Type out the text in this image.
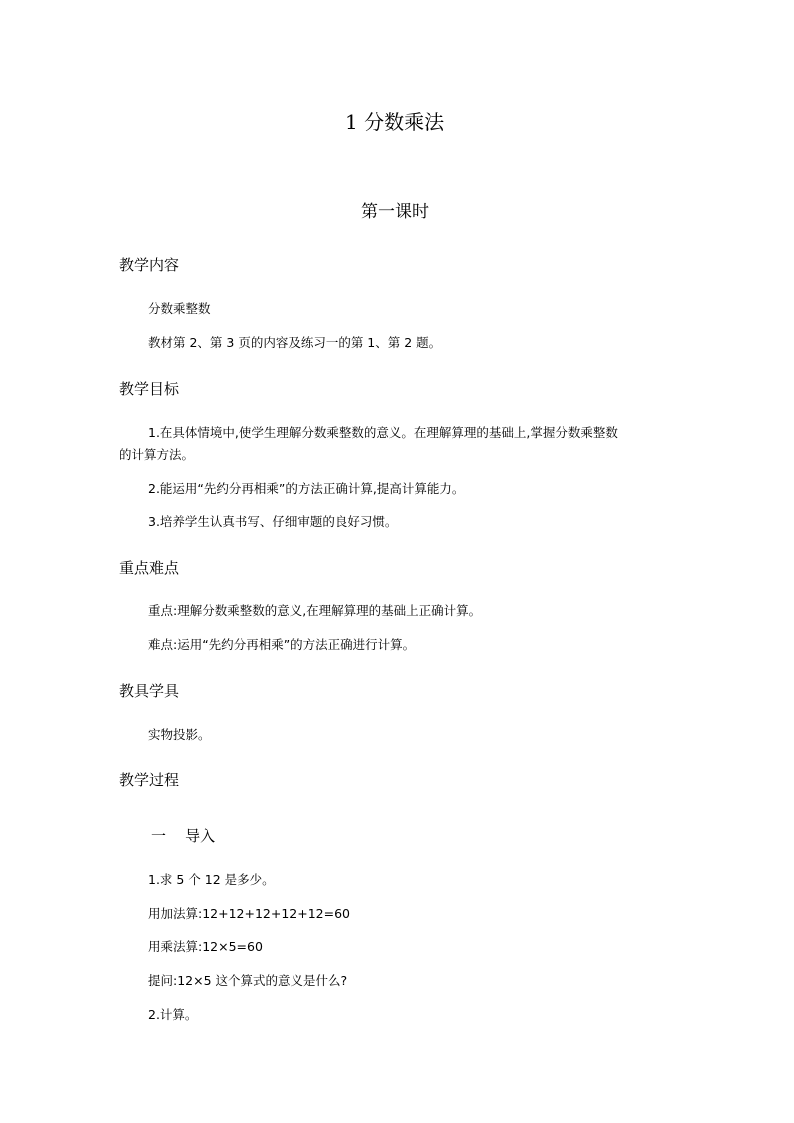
1 分数乘法
第一课时
教学内容
分数乘整数
教材第 2、第 3 页的内容及练习一的第 1、第 2 题。
教学目标
1.在具体情境中,使学生理解分数乘整数的意义。在理解算理的基础上,掌握分数乘整数
的计算方法。
2.能运用“先约分再相乘”的方法正确计算,提高计算能力。
3.培养学生认真书写、仔细审题的良好习惯。
重点难点
重点:理解分数乘整数的意义,在理解算理的基础上正确计算。
难点:运用“先约分再相乘”的方法正确进行计算。
教具学具
实物投影。
教学过程
一    导入
1.求 5 个 12 是多少。
用加法算:12+12+12+12+12=60
用乘法算:12×5=60
提问:12×5 这个算式的意义是什么?
2.计算。
